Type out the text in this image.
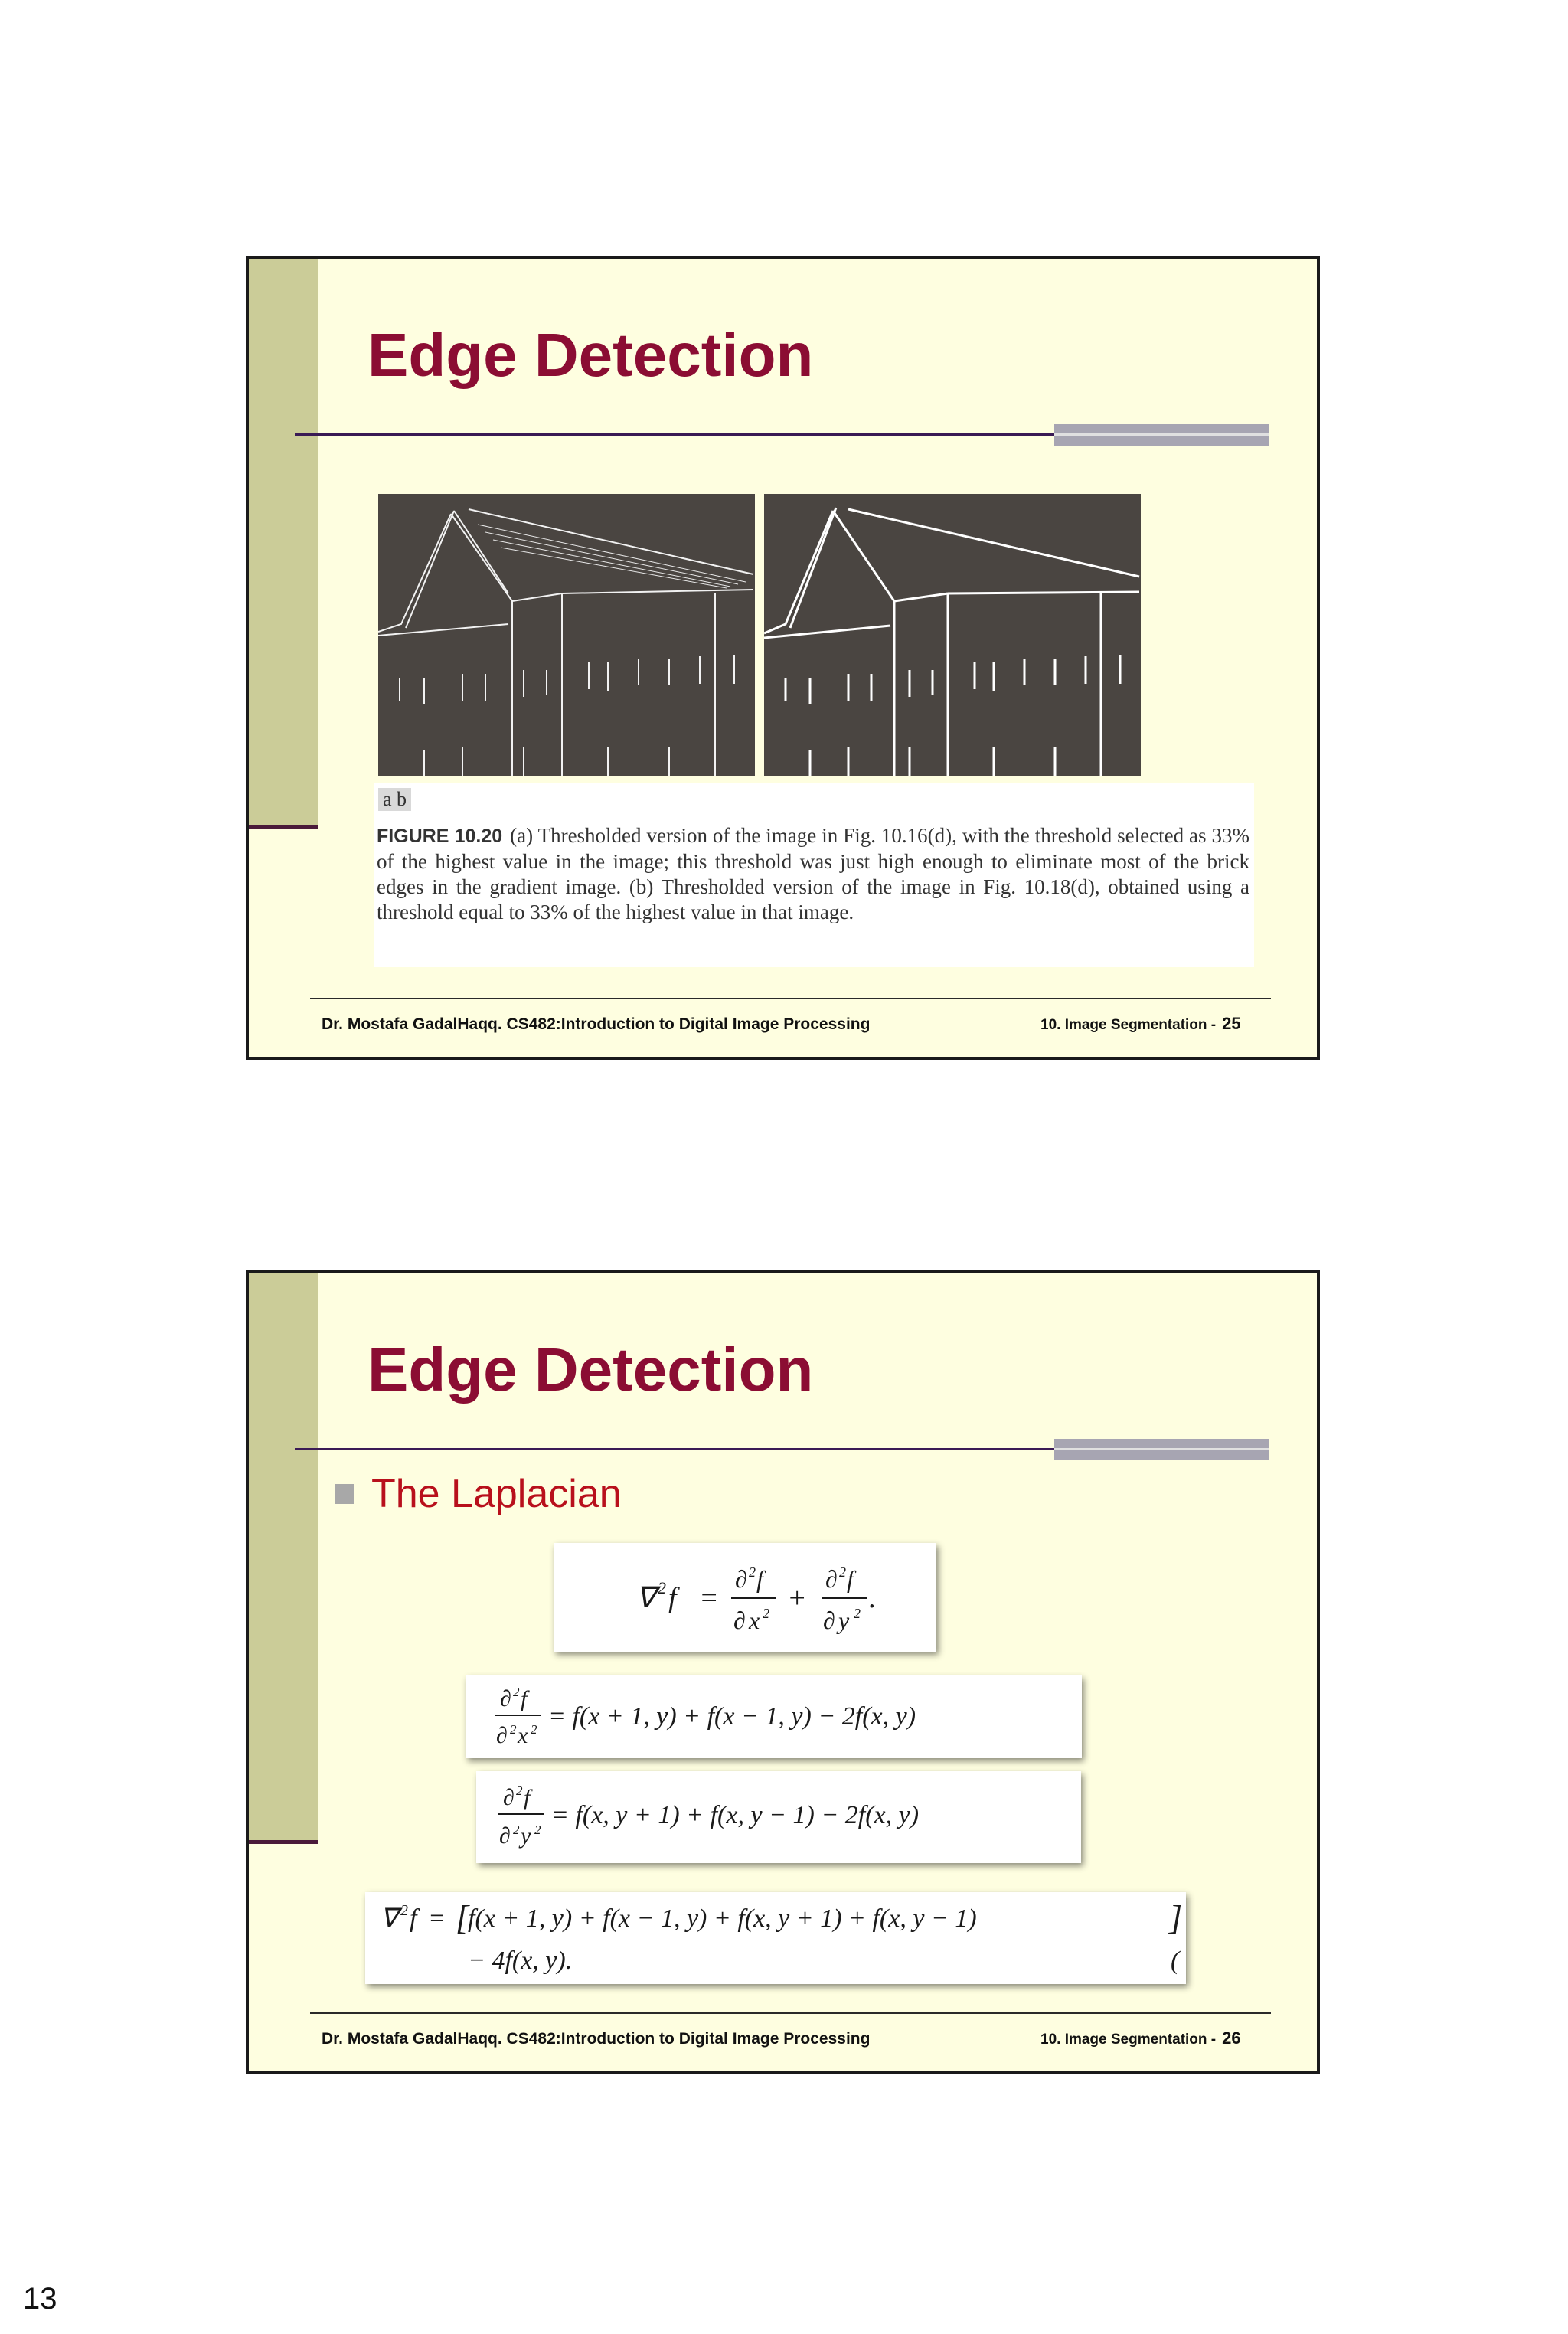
Edge Detection
a b
FIGURE 10.20 (a) Thresholded version of the image in Fig. 10.16(d), with the threshold selected as 33% of the highest value in the image; this threshold was just high enough to eliminate most of the brick edges in the gradient image. (b) Thresholded version of the image in Fig. 10.18(d), obtained using a threshold equal to 33% of the highest value in that image.
Dr. Mostafa GadalHaqq. CS482:Introduction to Digital Image Processing	10. Image Segmentation - 25
Edge Detection
The Laplacian
∇ 2 f =
∂ 2 f
∂ x 2 +
∂ 2 f
∂ y 2 .
∂ 2 f
∂ 2 x 2 = f(x + 1, y) + f(x − 1, y) − 2f(x, y)
∂ 2 f
∂ 2 y 2
= f(x, y + 1) + f(x, y − 1) − 2f(x, y)
∇ 2 f = [
f(x + 1, y) + f(x − 1, y) + f(x, y + 1) + f(x, y − 1)	]
− 4f(x, y).	(
Dr. Mostafa GadalHaqq. CS482:Introduction to Digital Image Processing	10. Image Segmentation - 26
13
